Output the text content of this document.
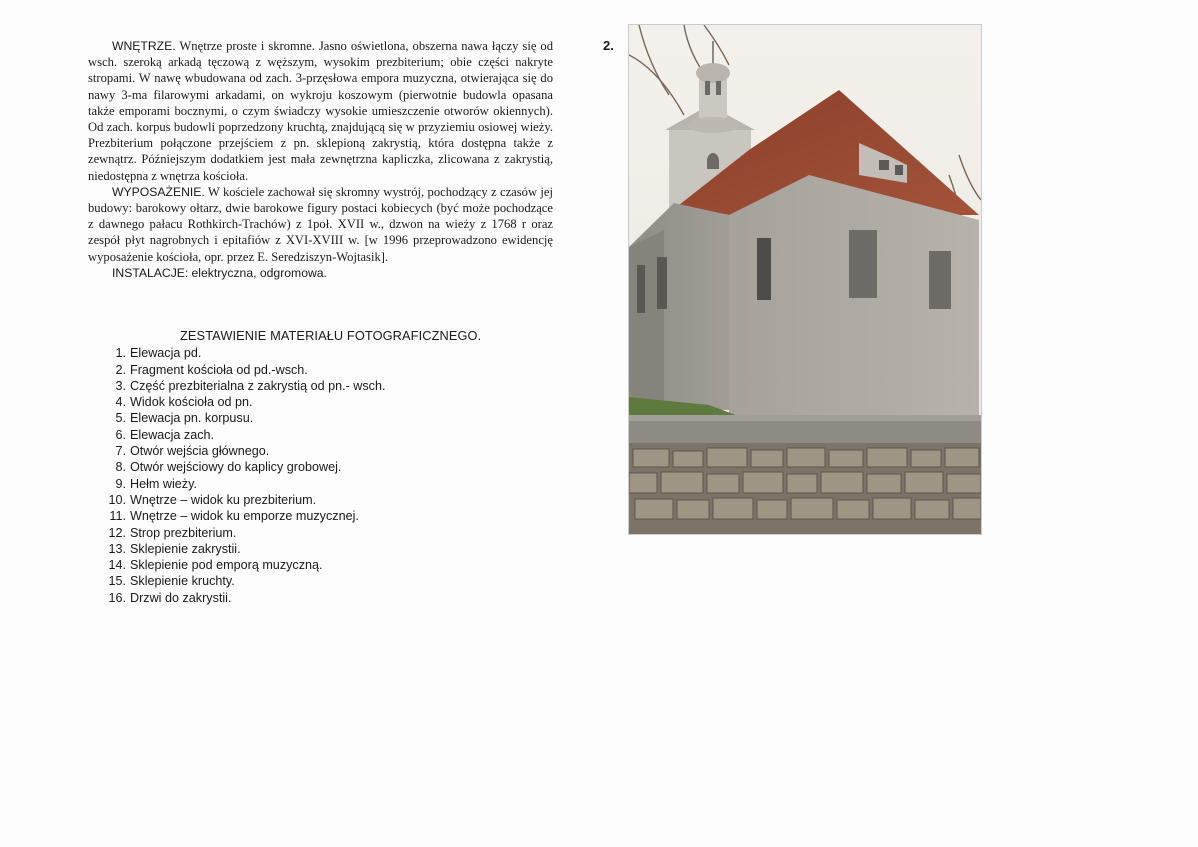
WNĘTRZE. Wnętrze proste i skromne. Jasno oświetlona, obszerna nawa łączy się od wsch. szeroką arkadą tęczową z węższym, wysokim prezbiterium; obie części nakryte stropami. W nawę wbudowana od zach. 3-przęsłowa empora muzyczna, otwierająca się do nawy 3-ma filarowymi arkadami, on wykroju koszowym (pierwotnie budowla opasana także emporami bocznymi, o czym świadczy wysokie umieszczenie otworów okiennych). Od zach. korpus budowli poprzedzony kruchtą, znajdującą się w przyziemiu osiowej wieży. Prezbiterium połączone przejściem z pn. sklepioną zakrystią, która dostępna także z zewnątrz. Późniejszym dodatkiem jest mała zewnętrzna kapliczka, zlicowana z zakrystią, niedostępna z wnętrza kościoła.

WYPOSAŻENIE. W kościele zachował się skromny wystrój, pochodzący z czasów jej budowy: barokowy ołtarz, dwie barokowe figury postaci kobiecych (być może pochodzące z dawnego pałacu Rothkirch-Trachów) z 1poł. XVII w., dzwon na wieży z 1768 r oraz zespół płyt nagrobnych i epitafiów z XVI-XVIII w. [w 1996 przeprowadzono ewidencję wyposażenie kościoła, opr. przez E. Seredziszyn-Wojtasik].

INSTALACJE: elektryczna, odgromowa.

ZESTAWIENIE MATERIAŁU FOTOGRAFICZNEGO.
1. Elewacja pd.
2. Fragment kościoła od pd.-wsch.
3. Część prezbiterialna z zakrystią od pn.- wsch.
4. Widok kościoła od pn.
5. Elewacja pn. korpusu.
6. Elewacja zach.
7. Otwór wejścia głównego.
8. Otwór wejściowy do kaplicy grobowej.
9. Hełm wieży.
10. Wnętrze – widok ku prezbiterium.
11. Wnętrze – widok ku emporze muzycznej.
12. Strop prezbiterium.
13. Sklepienie zakrystii.
14. Sklepienie pod emporą muzyczną.
15. Sklepienie kruchty.
16. Drzwi do zakrystii.
2.
